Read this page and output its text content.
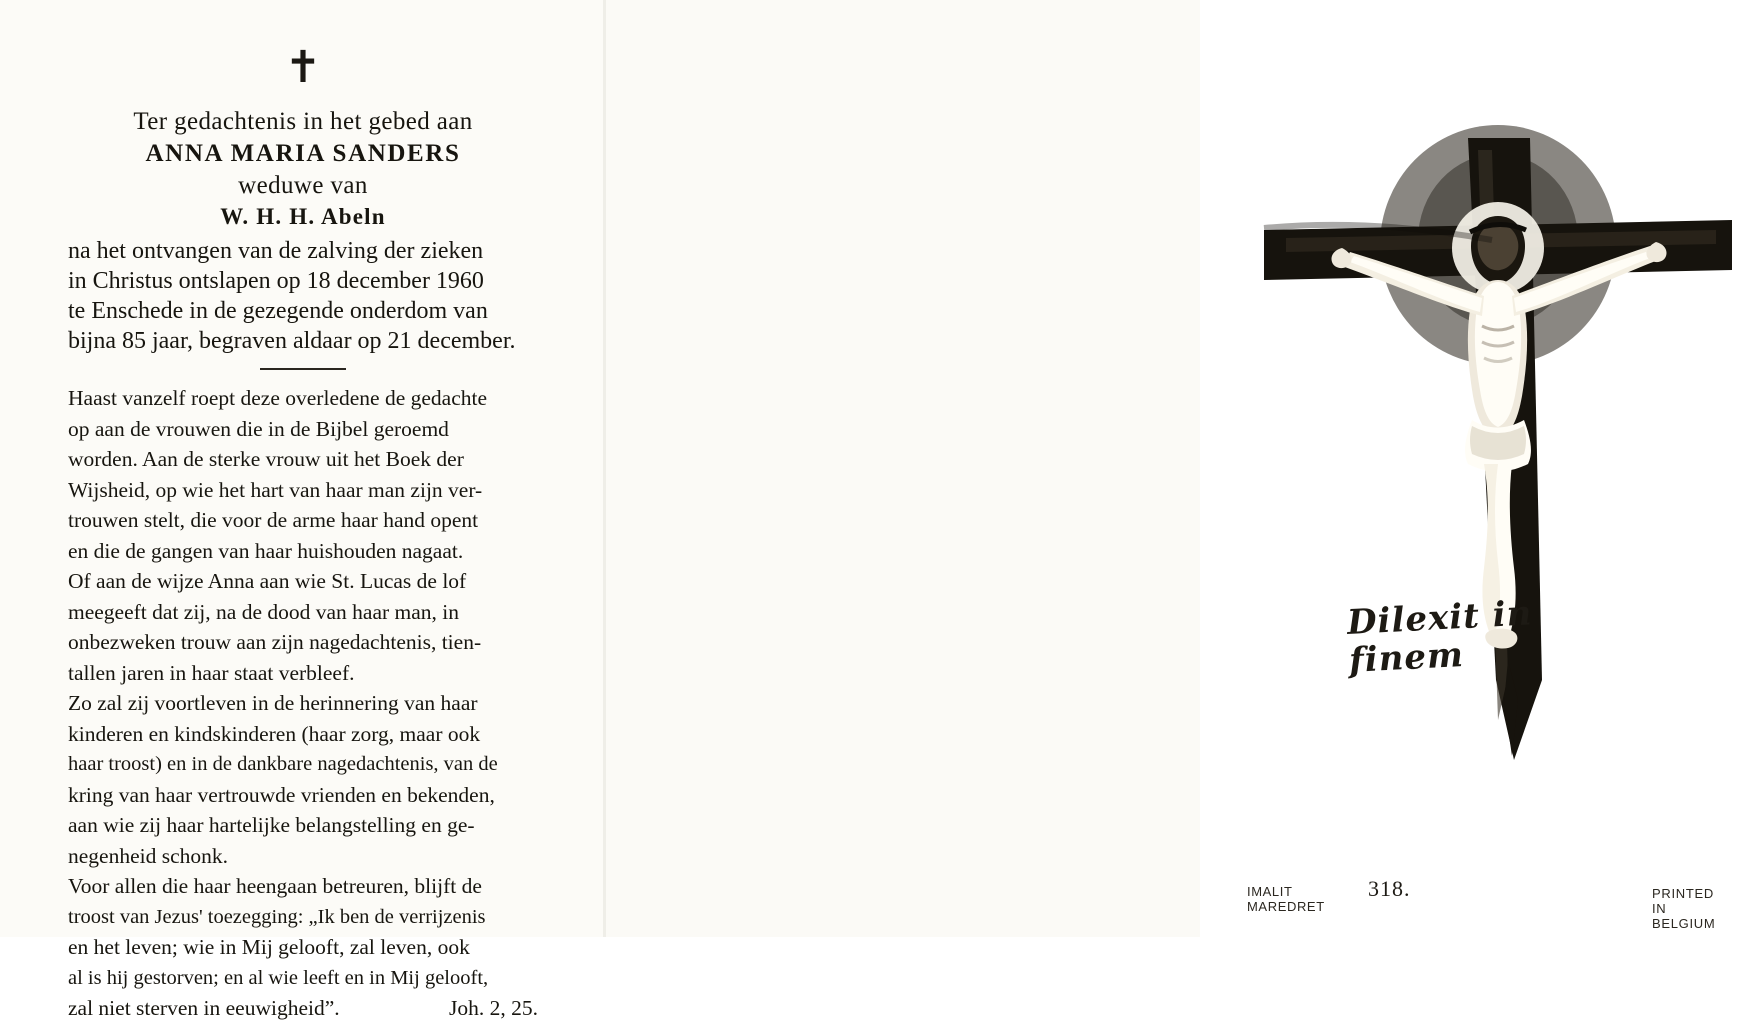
✝
Ter gedachtenis in het gebed aan
ANNA MARIA SANDERS
weduwe van
W. H. H. Abeln
na het ontvangen van de zalving der zieken
in Christus ontslapen op 18 december 1960
te Enschede in de gezegende onderdom van
bijna 85 jaar, begraven aldaar op 21 december.
Haast vanzelf roept deze overledene de gedachte
op aan de vrouwen die in de Bijbel geroemd
worden. Aan de sterke vrouw uit het Boek der
Wijsheid, op wie het hart van haar man zijn ver-
trouwen stelt, die voor de arme haar hand opent
en die de gangen van haar huishouden nagaat.
Of aan de wijze Anna aan wie St. Lucas de lof
meegeeft dat zij, na de dood van haar man, in
onbezweken trouw aan zijn nagedachtenis, tien-
tallen jaren in haar staat verbleef.
Zo zal zij voortleven in de herinnering van haar
kinderen en kindskinderen (haar zorg, maar ook
haar troost) en in de dankbare nagedachtenis, van de
kring van haar vertrouwde vrienden en bekenden,
aan wie zij haar hartelijke belangstelling en ge-
negenheid schonk.
Voor allen die haar heengaan betreuren, blijft de
troost van Jezus' toezegging: „Ik ben de verrijzenis
en het leven; wie in Mij gelooft, zal leven, ook
al is hij gestorven; en al wie leeft en in Mij gelooft,
zal niet sterven in eeuwigheid”.	Joh. 2, 25.
Dilexit in finem
IMALIT MAREDRET
318.	PRINTED IN BELGIUM
